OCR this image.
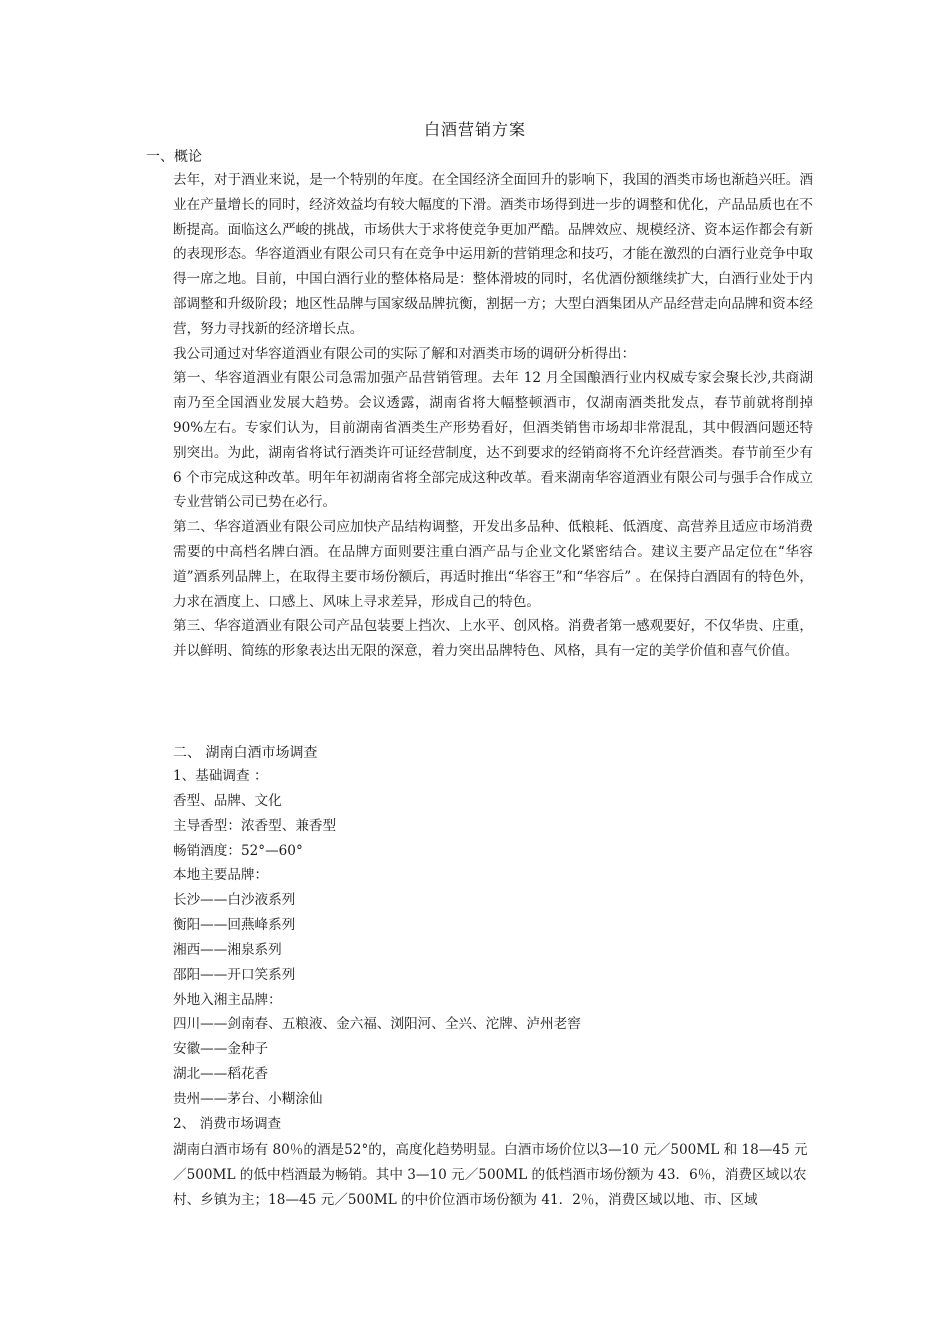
白酒营销方案
一、概论

去年，对于酒业来说，是一个特别的年度。在全国经济全面回升的影响下，我国的酒类市场也渐趋兴旺。酒业在产量增长的同时，经济效益均有较大幅度的下滑。酒类市场得到进一步的调整和优化，产品品质也在不断提高。面临这么严峻的挑战，市场供大于求将使竞争更加严酷。品牌效应、规模经济、资本运作都会有新的表现形态。华容道酒业有限公司只有在竞争中运用新的营销理念和技巧，才能在激烈的白酒行业竞争中取得一席之地。目前，中国白酒行业的整体格局是：整体滑坡的同时，名优酒份额继续扩大，白酒行业处于内部调整和升级阶段；地区性品牌与国家级品牌抗衡，割据一方；大型白酒集团从产品经营走向品牌和资本经营，努力寻找新的经济增长点。

我公司通过对华容道酒业有限公司的实际了解和对酒类市场的调研分析得出：

第一、华容道酒业有限公司急需加强产品营销管理。去年 12 月全国酿酒行业内权威专家会聚长沙,共商湖南乃至全国酒业发展大趋势。会议透露，湖南省将大幅整顿酒市，仅湖南酒类批发点，春节前就将削掉 90%左右。专家们认为，目前湖南省酒类生产形势看好，但酒类销售市场却非常混乱，其中假酒问题还特别突出。为此，湖南省将试行酒类许可证经营制度，达不到要求的经销商将不允许经营酒类。春节前至少有 6 个市完成这种改革。明年年初湖南省将全部完成这种改革。看来湖南华容道酒业有限公司与强手合作成立专业营销公司已势在必行。

第二、华容道酒业有限公司应加快产品结构调整，开发出多品种、低粮耗、低酒度、高营养且适应市场消费需要的中高档名牌白酒。在品牌方面则要注重白酒产品与企业文化紧密结合。建议主要产品定位在“华容道”酒系列品牌上，在取得主要市场份额后，再适时推出“华容王”和“华容后” 。在保持白酒固有的特色外，力求在酒度上、口感上、风味上寻求差异，形成自己的特色。

第三、华容道酒业有限公司产品包装要上挡次、上水平、创风格。消费者第一感观要好，不仅华贵、庄重，并以鲜明、简练的形象表达出无限的深意，着力突出品牌特色、风格，具有一定的美学价值和喜气价值。

二、 湖南白酒市场调查
1、基础调查 ：
香型、品牌、文化
主导香型：浓香型、兼香型
畅销酒度：52°—60°
本地主要品牌：
长沙——白沙液系列
衡阳——回燕峰系列
湘西——湘泉系列
邵阳——开口笑系列
外地入湘主品牌：
四川——剑南春、五粮液、金六福、浏阳河、全兴、沱牌、泸州老窖
安徽——金种子
湖北——稻花香
贵州——茅台、小糊涂仙
2、 消费市场调查
湖南白酒市场有 80％的酒是52°的，高度化趋势明显。白酒市场价位以3—10 元／500ML 和 18—45 元／500ML 的低中档酒最为畅销。其中 3—10 元／500ML 的低档酒市场份额为 43．6％，消费区域以农村、乡镇为主；18—45 元／500ML 的中价位酒市场份额为 41．2％，消费区域以地、市、区域
